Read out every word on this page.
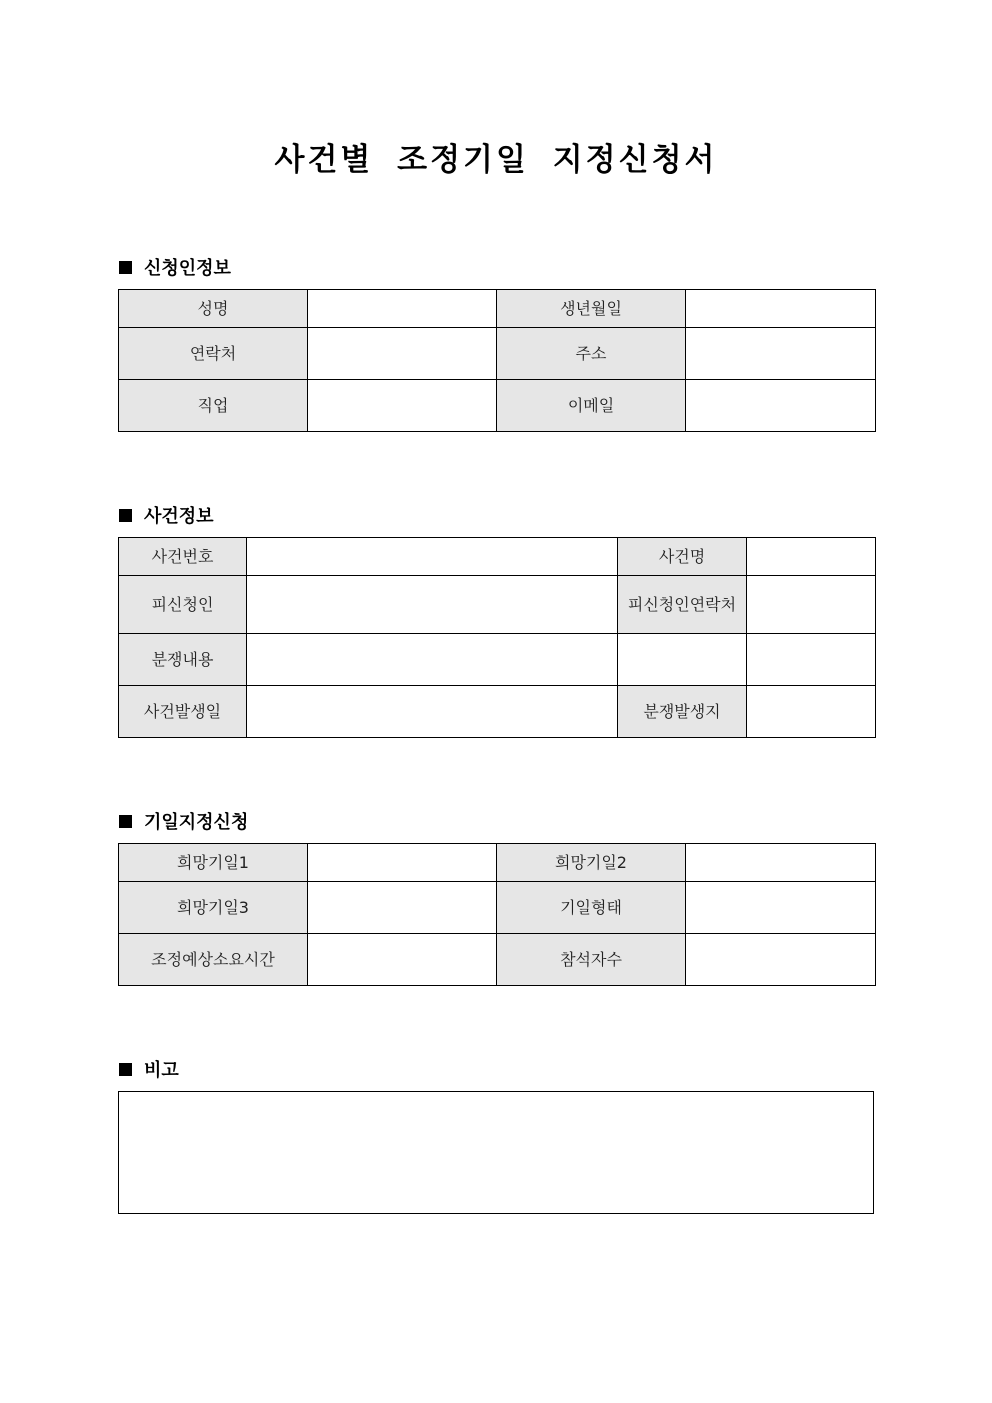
사건별 조정기일 지정신청서
신청인정보
성명		생년월일	
연락처		주소	
직업		이메일	
사건정보
사건번호		사건명	
피신청인		피신청인연락처	
분쟁내용			
사건발생일		분쟁발생지	
기일지정신청
희망기일1		희망기일2	
희망기일3		기일형태	
조정예상소요시간		참석자수	
비고
